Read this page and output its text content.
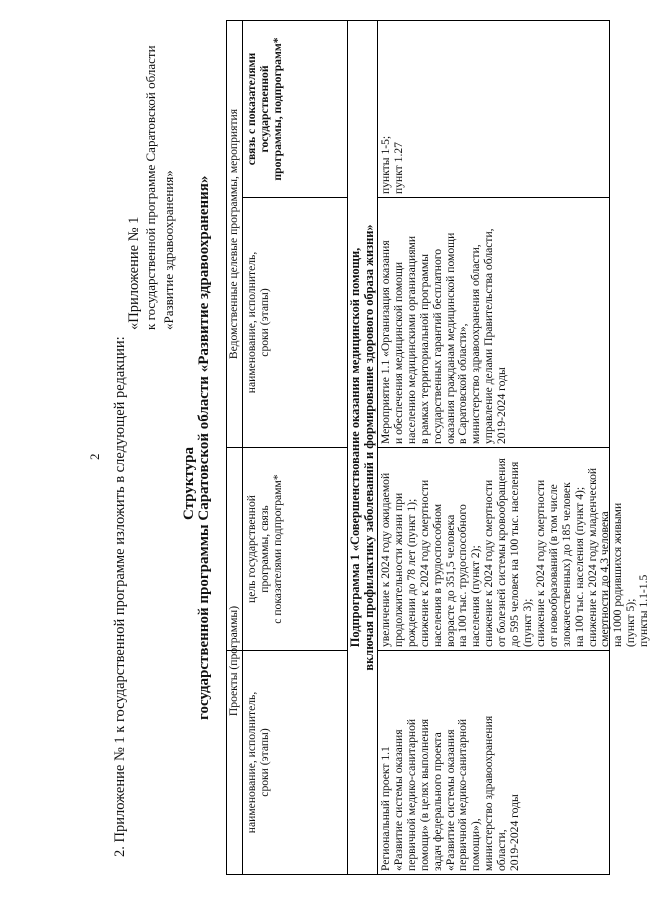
2 2. Приложение № 1 к государственной программе изложить в следующей редакции:
«Приложение № 1 к государственной программе Саратовской области «Развитие здравоохранения»
Структура государственной программы Саратовской области «Развитие здравоохранения» Проекты (программы)
Ведомственные целевые программы, мероприятия
наименование, исполнитель, сроки (этапы)
цель государственной программы, связь с показателями подпрограмм*
наименование, исполнитель, сроки (этапы)
связь с показателями государственной программы, подпрограмм*
Подпрограмма 1 «Совершенствование оказания медицинской помощи, включая профилактику заболеваний и формирование здорового образа жизни»
Региональный проект 1.1 «Развитие системы оказания первичной медико-санитарной помощи» (в целях выполнения задач федерального проекта «Развитие системы оказания первичной медико-санитарной помощи»), министерство здравоохранения области, 2019-2024 годы
увеличение к 2024 году ожидаемой продолжительности жизни при рождении до 78 лет (пункт 1); снижение к 2024 году смертности населения в трудоспособном возрасте до 351,5 человека на 100 тыс. трудоспособного населения (пункт 2); снижение к 2024 году смертности от болезней системы кровообращения до 595 человек на 100 тыс. населения (пункт 3); снижение к 2024 году смертности от новообразований (в том числе злокачественных) до 185 человек на 100 тыс. населения (пункт 4); снижение к 2024 году младенческой смертности до 4,3 человека на 1000 родившихся живыми (пункт 5); пункты 1.1-1.5
Мероприятие 1.1 «Организация оказания и обеспечения медицинской помощи населению медицинскими организациями в рамках территориальной программы государственных гарантий бесплатного оказания гражданам медицинской помощи в Саратовской области», министерство здравоохранения области, управление делами Правительства области, 2019-2024 годы
пункты 1-5; пункт 1.27
